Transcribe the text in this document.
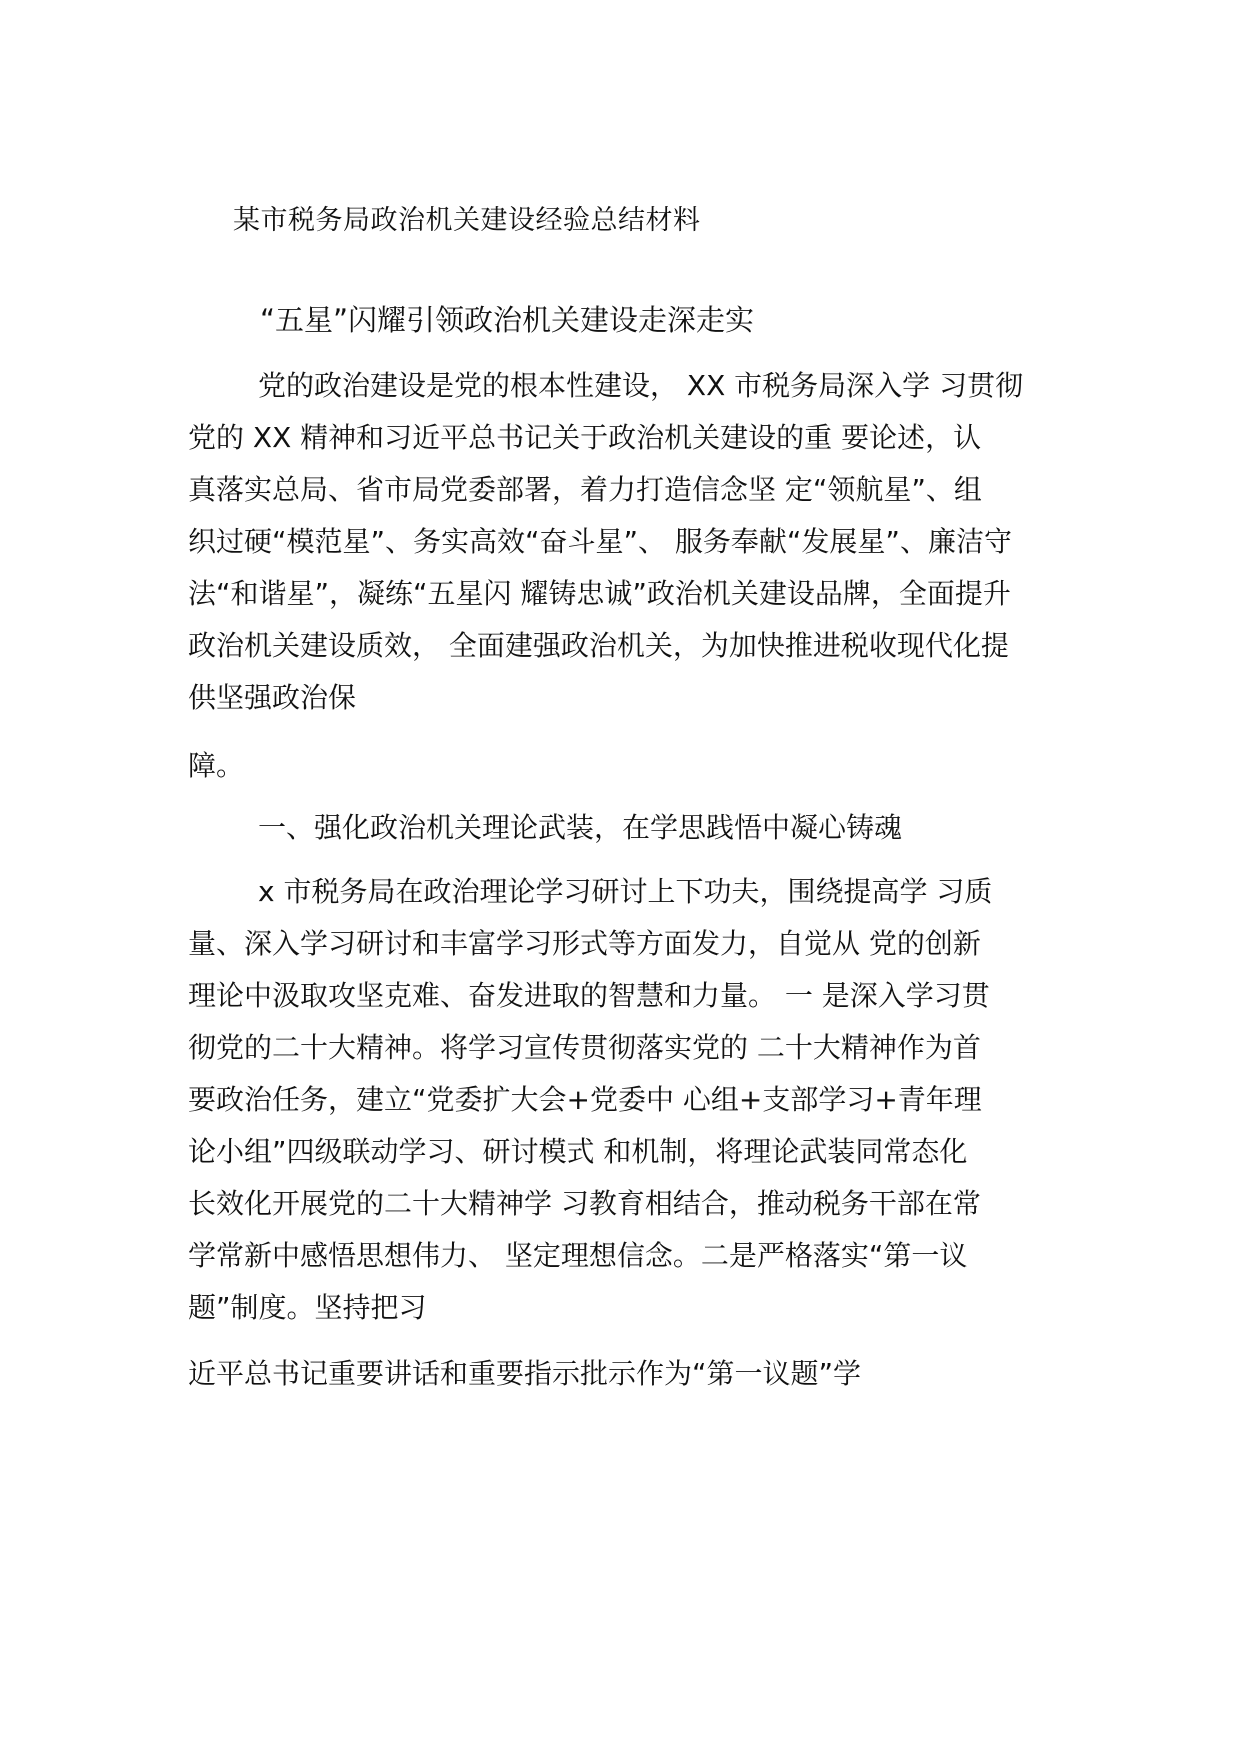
某市税务局政治机关建设经验总结材料
“五星”闪耀引领政治机关建设走深走实
党的政治建设是党的根本性建设， XX 市税务局深入学 习贯彻
党的 XX 精神和习近平总书记关于政治机关建设的重 要论述，认
真落实总局、省市局党委部署，着力打造信念坚 定“领航星”、组
织过硬“模范星”、务实高效“奋斗星”、 服务奉献“发展星”、廉洁守
法“和谐星”，凝练“五星闪 耀铸忠诚”政治机关建设品牌，全面提升
政治机关建设质效， 全面建强政治机关，为加快推进税收现代化提
供坚强政治保
障。
一、强化政治机关理论武装，在学思践悟中凝心铸魂
x 市税务局在政治理论学习研讨上下功夫，围绕提高学 习质
量、深入学习研讨和丰富学习形式等方面发力，自觉从 党的创新
理论中汲取攻坚克难、奋发进取的智慧和力量。 一 是深入学习贯
彻党的二十大精神。将学习宣传贯彻落实党的 二十大精神作为首
要政治任务，建立“党委扩大会+党委中 心组+支部学习+青年理
论小组”四级联动学习、研讨模式 和机制，将理论武装同常态化
长效化开展党的二十大精神学 习教育相结合，推动税务干部在常
学常新中感悟思想伟力、 坚定理想信念。二是严格落实“第一议
题”制度。坚持把习
近平总书记重要讲话和重要指示批示作为“第一议题”学
